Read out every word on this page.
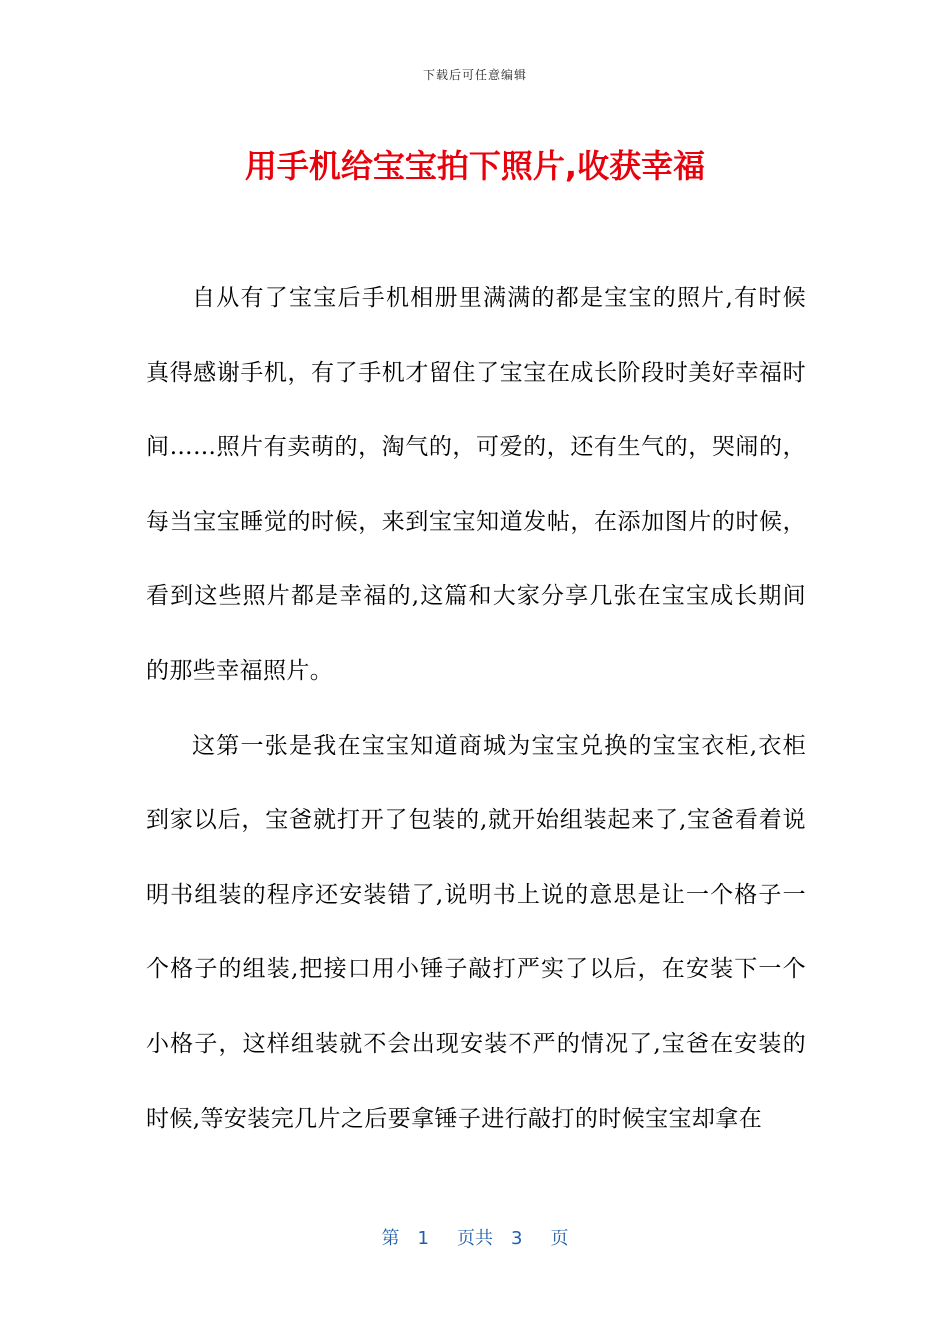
下载后可任意编辑
用手机给宝宝拍下照片,收获幸福

自从有了宝宝后手机相册里满满的都是宝宝的照片,有时候真得感谢手机，有了手机才留住了宝宝在成长阶段时美好幸福时间……照片有卖萌的，淘气的，可爱的，还有生气的，哭闹的，每当宝宝睡觉的时候，来到宝宝知道发帖，在添加图片的时候，看到这些照片都是幸福的,这篇和大家分享几张在宝宝成长期间的那些幸福照片。

这第一张是我在宝宝知道商城为宝宝兑换的宝宝衣柜,衣柜到家以后，宝爸就打开了包装的,就开始组装起来了,宝爸看着说明书组装的程序还安装错了,说明书上说的意思是让一个格子一个格子的组装,把接口用小锤子敲打严实了以后，在安装下一个小格子，这样组装就不会出现安装不严的情况了,宝爸在安装的时候,等安装完几片之后要拿锤子进行敲打的时候宝宝却拿在

第 1 页共 3 页
